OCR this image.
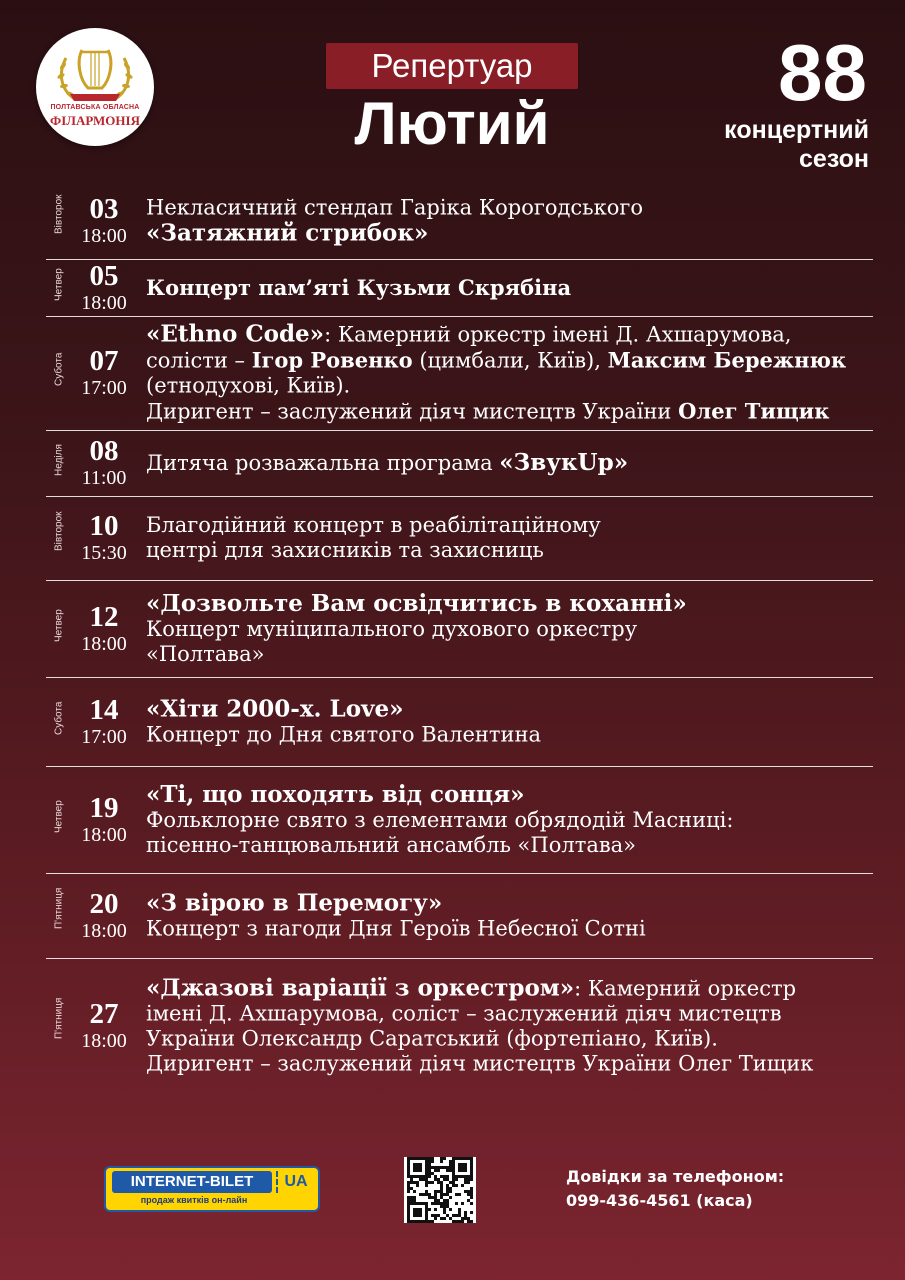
ПОЛТАВСЬКА ОБЛАСНА
ФІЛАРМОНІЯ
Репертуар
Лютий
88
концертний
сезон
Вівторок 03
18:00
Некласичний стендап Гаріка Корогодського
«Затяжний стрибок»
Четвер 05
18:00
Концерт пам’яті Кузьми Скрябіна
Субота 07
17:00
«Ethno Code»: Камерний оркестр імені Д. Ахшарумова,
солісти – Ігор Ровенко (цимбали, Київ), Максим Бережнюк (етнодухові, Київ).
Диригент – заслужений діяч мистецтв України Олег Тищик
Неділя 08
11:00
Дитяча розважальна програма «ЗвукUp»
Вівторок 10
15:30
Благодійний концерт в реабілітаційному
центрі для захисників та захисниць
Четвер 12
18:00
«Дозвольте Вам освідчитись в коханні»
Концерт муніципального духового оркестру
«Полтава»
Субота 14
17:00
«Хіти 2000-х. Love»
Концерт до Дня святого Валентина
Четвер 19
18:00
«Ті, що походять від сонця»
Фольклорне свято з елементами обрядодій Масниці:
пісенно-танцювальний ансамбль «Полтава»
П'ятниця 20
18:00
«З вірою в Перемогу»
Концерт з нагоди Дня Героїв Небесної Сотні
П'ятниця 27
18:00
«Джазові варіації з оркестром»: Камерний оркестр
імені Д. Ахшарумова, соліст – заслужений діяч мистецтв
України Олександр Саратський (фортепіано, Київ).
Диригент – заслужений діяч мистецтв України Олег Тищик
INTERNET-BILET	UA
продаж квитків он-лайн
Довідки за телефоном:
099-436-4561 (каса)
